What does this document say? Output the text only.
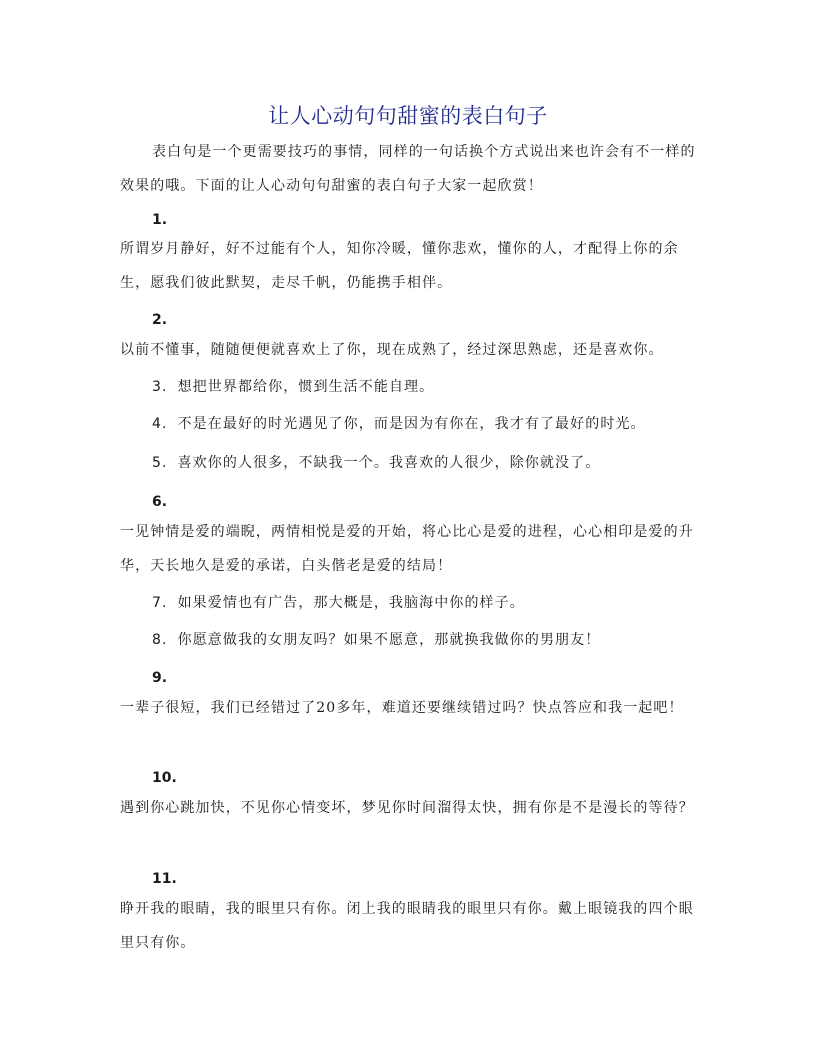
让人心动句句甜蜜的表白句子

表白句是一个更需要技巧的事情，同样的一句话换个方式说出来也许会有不一样的效果的哦。下面的让人心动句句甜蜜的表白句子大家一起欣赏！

1.

所谓岁月静好，好不过能有个人，知你冷暖，懂你悲欢，懂你的人，才配得上你的余生，愿我们彼此默契，走尽千帆，仍能携手相伴。

2.

以前不懂事，随随便便就喜欢上了你，现在成熟了，经过深思熟虑，还是喜欢你。

3. 想把世界都给你，惯到生活不能自理。
4. 不是在最好的时光遇见了你，而是因为有你在，我才有了最好的时光。
5. 喜欢你的人很多，不缺我一个。我喜欢的人很少，除你就没了。
6.

一见钟情是爱的端睨，两情相悦是爱的开始，将心比心是爱的进程，心心相印是爱的升华，天长地久是爱的承诺，白头偕老是爱的结局！

7. 如果爱情也有广告，那大概是，我脑海中你的样子。
8. 你愿意做我的女朋友吗？如果不愿意，那就换我做你的男朋友！
9.

一辈子很短，我们已经错过了20多年，难道还要继续错过吗？快点答应和我一起吧！

10.

遇到你心跳加快，不见你心情变坏，梦见你时间溜得太快，拥有你是不是漫长的等待？

11.

睁开我的眼睛，我的眼里只有你。闭上我的眼睛我的眼里只有你。戴上眼镜我的四个眼里只有你。
